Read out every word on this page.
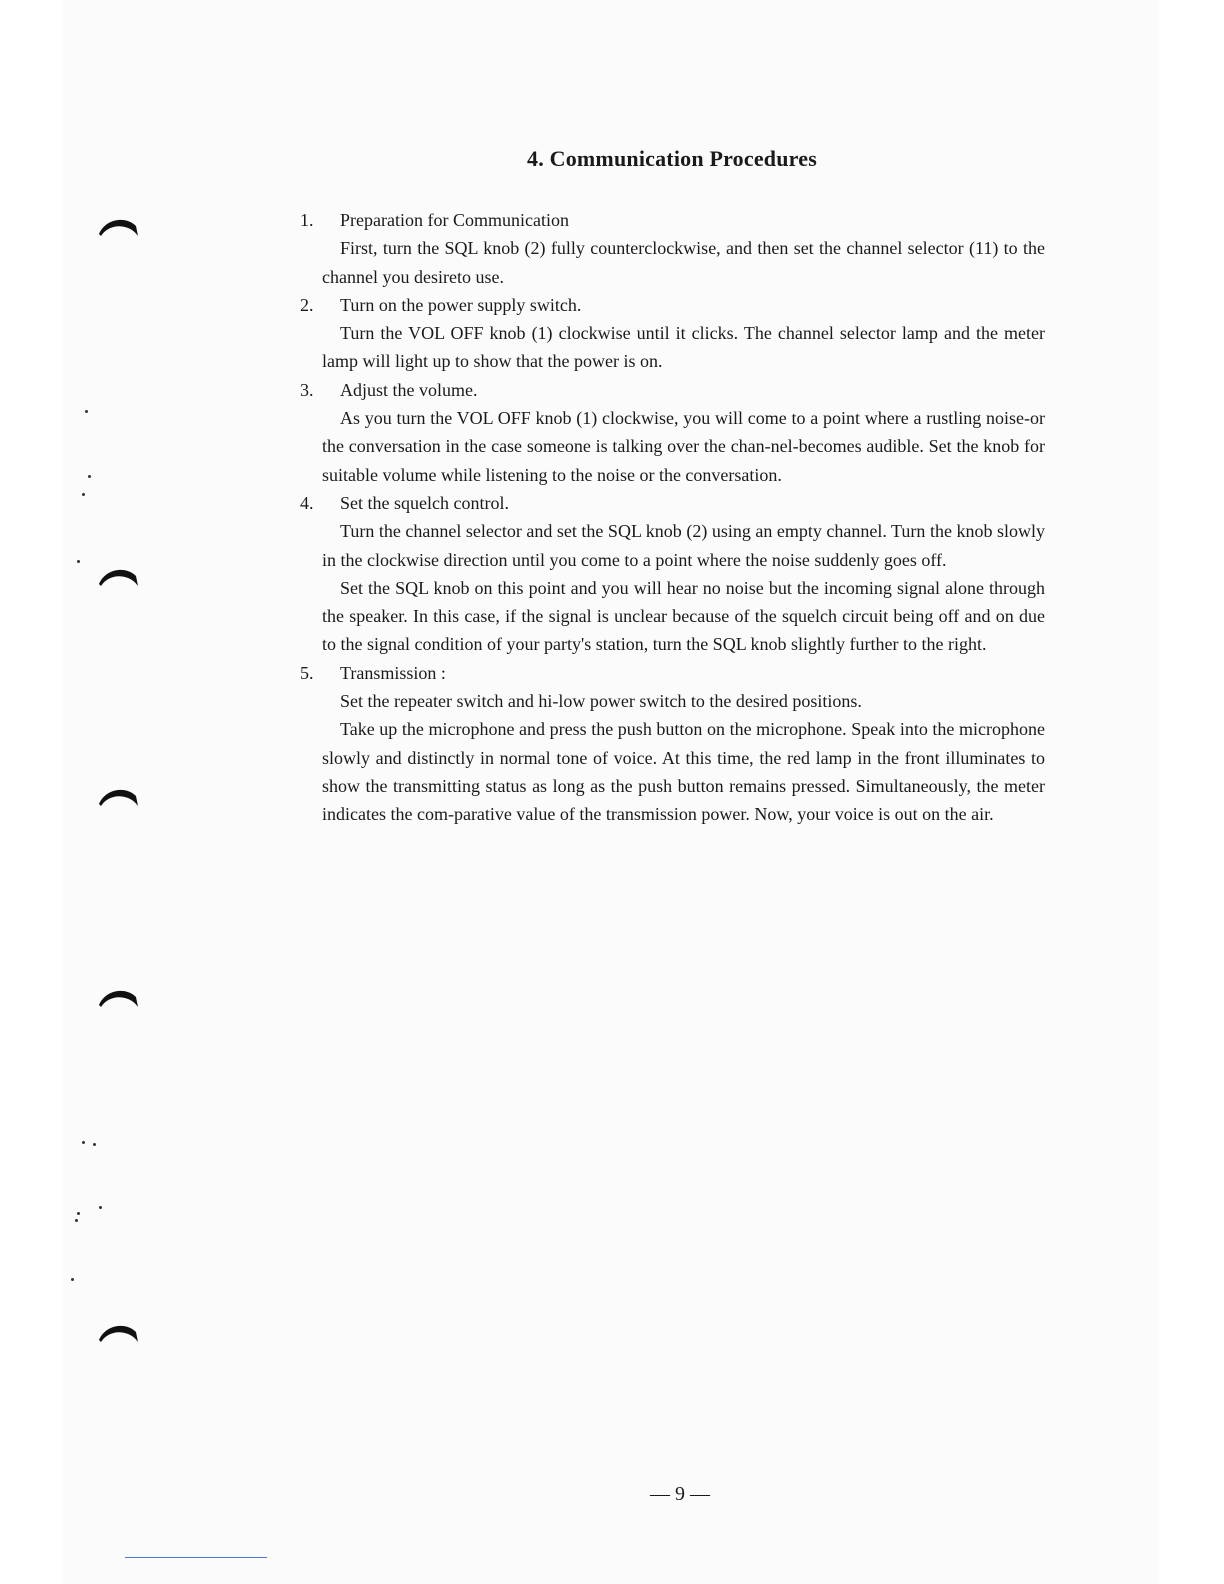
4. Communication Procedures
1.	Preparation for Communication
First, turn the SQL knob (2) fully counterclockwise, and then set the channel selector (11) to the channel you desireto use.
2.	Turn on the power supply switch.
Turn the VOL OFF knob (1) clockwise until it clicks. The channel selector lamp and the meter lamp will light up to show that the power is on.
3.	Adjust the volume.
As you turn the VOL OFF knob (1) clockwise, you will come to a point where a rustling noise-or the conversation in the case someone is talking over the chan-nel-becomes audible. Set the knob for suitable volume while listening to the noise or the conversation.
4.	Set the squelch control.
Turn the channel selector and set the SQL knob (2) using an empty channel. Turn the knob slowly in the clockwise direction until you come to a point where the noise suddenly goes off.
Set the SQL knob on this point and you will hear no noise but the incoming signal alone through the speaker. In this case, if the signal is unclear because of the squelch circuit being off and on due to the signal condition of your party's station, turn the SQL knob slightly further to the right.
5.	Transmission :
Set the repeater switch and hi-low power switch to the desired positions.
Take up the microphone and press the push button on the microphone. Speak into the microphone slowly and distinctly in normal tone of voice. At this time, the red lamp in the front illuminates to show the transmitting status as long as the push button remains pressed. Simultaneously, the meter indicates the com-parative value of the transmission power. Now, your voice is out on the air.
— 9 —
